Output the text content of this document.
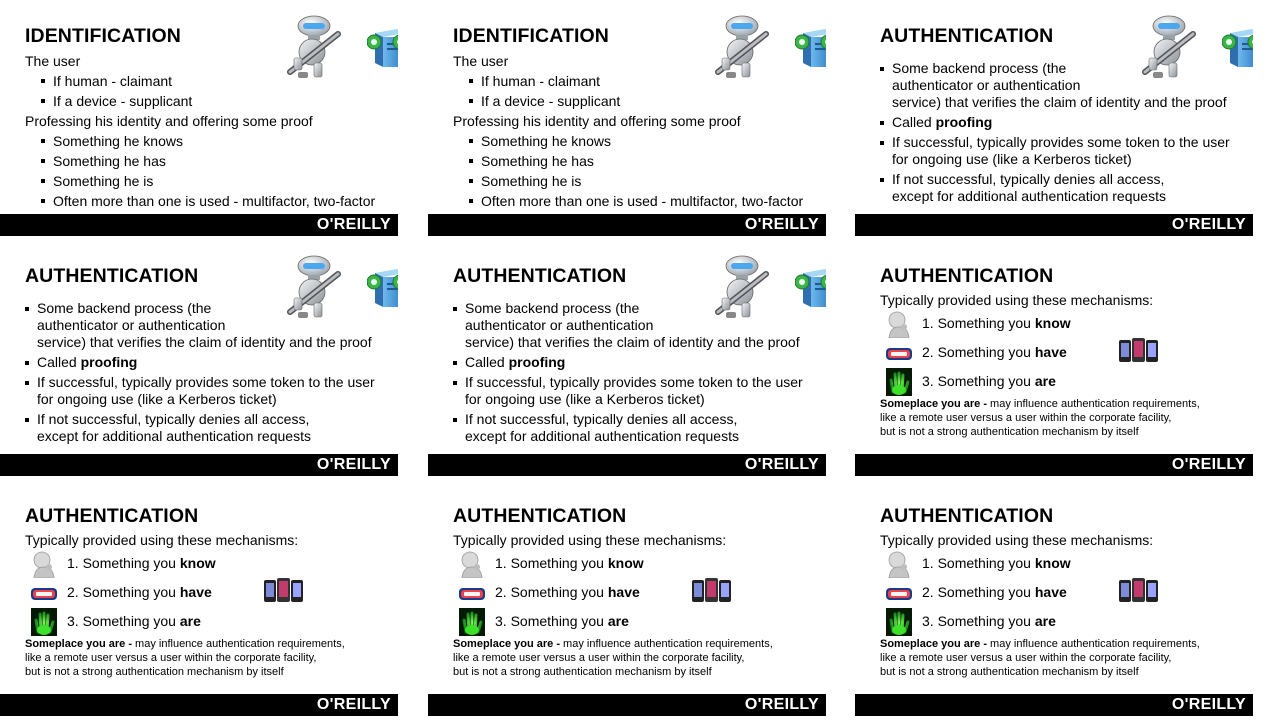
IDENTIFICATION
The user
If human - claimant
If a device - supplicant
Professing his identity and offering some proof
Something he knows
Something he has
Something he is
Often more than one is used - multifactor, two-factor
O'REILLY
IDENTIFICATION
The user
If human - claimant
If a device - supplicant
Professing his identity and offering some proof
Something he knows
Something he has
Something he is
Often more than one is used - multifactor, two-factor
O'REILLY
AUTHENTICATION
Some backend process (the
authenticator or authentication
service) that verifies the claim of identity and the proof
Called proofing
If successful, typically provides some token to the user
for ongoing use (like a Kerberos ticket)
If not successful, typically denies all access,
except for additional authentication requests
O'REILLY
AUTHENTICATION
Some backend process (the
authenticator or authentication
service) that verifies the claim of identity and the proof
Called proofing
If successful, typically provides some token to the user
for ongoing use (like a Kerberos ticket)
If not successful, typically denies all access,
except for additional authentication requests
O'REILLY
AUTHENTICATION
Some backend process (the
authenticator or authentication
service) that verifies the claim of identity and the proof
Called proofing
If successful, typically provides some token to the user
for ongoing use (like a Kerberos ticket)
If not successful, typically denies all access,
except for additional authentication requests
O'REILLY
AUTHENTICATION
Typically provided using these mechanisms:
1. Something you know
2. Something you have
3. Something you are
Someplace you are - may influence authentication requirements,
like a remote user versus a user within the corporate facility,
but is not a strong authentication mechanism by itself
O'REILLY
AUTHENTICATION
Typically provided using these mechanisms:
1. Something you know
2. Something you have
3. Something you are
Someplace you are - may influence authentication requirements,
like a remote user versus a user within the corporate facility,
but is not a strong authentication mechanism by itself
O'REILLY
AUTHENTICATION
Typically provided using these mechanisms:
1. Something you know
2. Something you have
3. Something you are
Someplace you are - may influence authentication requirements,
like a remote user versus a user within the corporate facility,
but is not a strong authentication mechanism by itself
O'REILLY
AUTHENTICATION
Typically provided using these mechanisms:
1. Something you know
2. Something you have
3. Something you are
Someplace you are - may influence authentication requirements,
like a remote user versus a user within the corporate facility,
but is not a strong authentication mechanism by itself
O'REILLY
